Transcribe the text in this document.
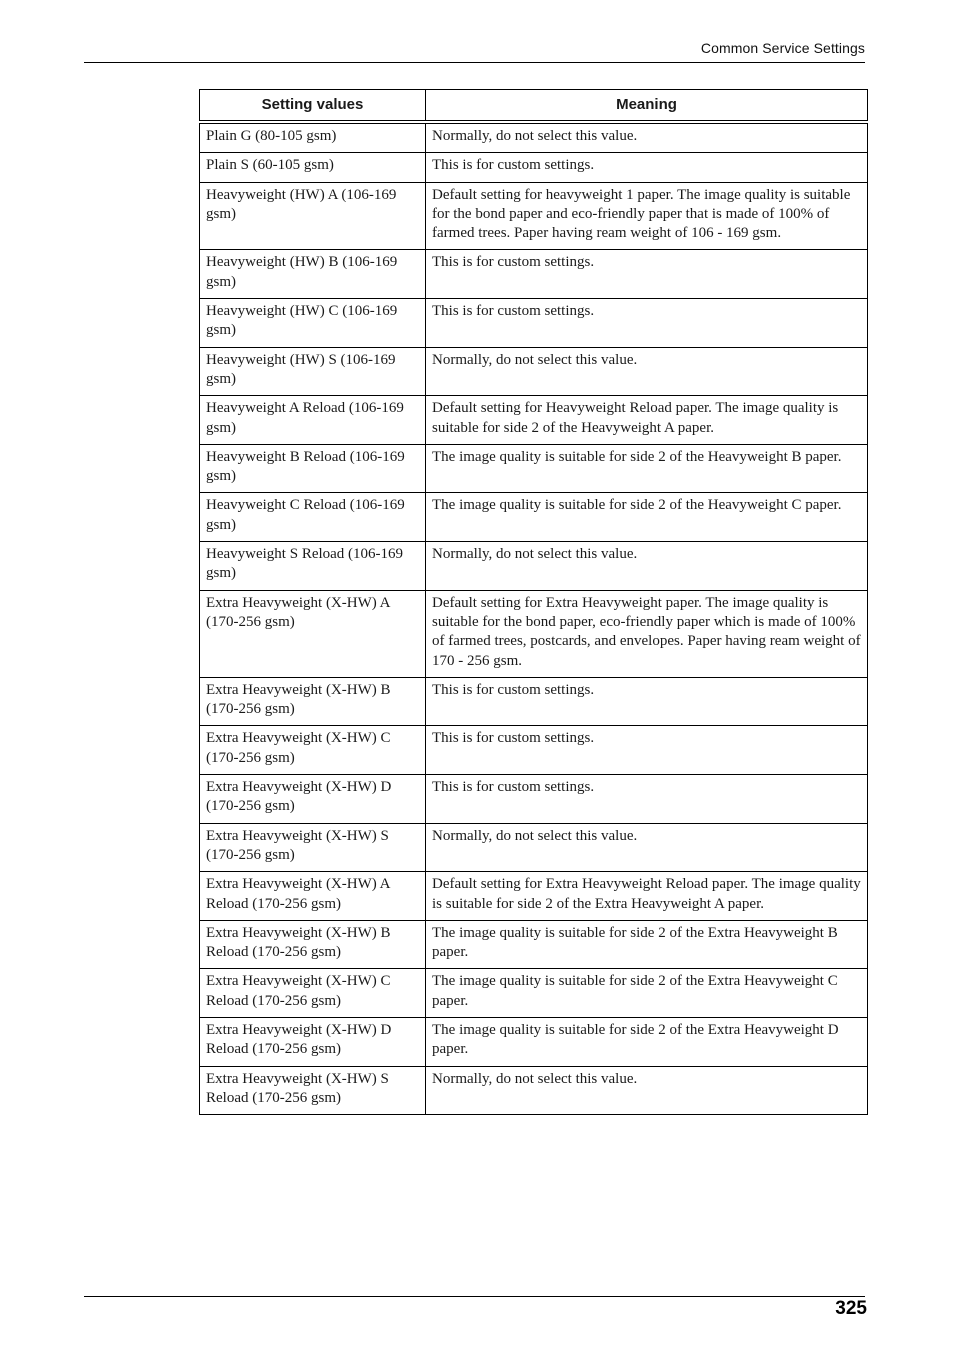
Common Service Settings
Setting values	Meaning
Plain G (80-105 gsm)	Normally, do not select this value.
Plain S (60-105 gsm)	This is for custom settings.
Heavyweight (HW) A (106-169 gsm)	Default setting for heavyweight 1 paper. The image quality is suitable for the bond paper and eco-friendly paper that is made of 100% of farmed trees. Paper having ream weight of 106 - 169 gsm.
Heavyweight (HW) B (106-169 gsm)	This is for custom settings.
Heavyweight (HW) C (106-169 gsm)	This is for custom settings.
Heavyweight (HW) S (106-169 gsm)	Normally, do not select this value.
Heavyweight A Reload (106-169 gsm)	Default setting for Heavyweight Reload paper. The image quality is suitable for side 2 of the Heavyweight A paper.
Heavyweight B Reload (106-169 gsm)	The image quality is suitable for side 2 of the Heavyweight B paper.
Heavyweight C Reload (106-169 gsm)	The image quality is suitable for side 2 of the Heavyweight C paper.
Heavyweight S Reload (106-169 gsm)	Normally, do not select this value.
Extra Heavyweight (X-HW) A (170-256 gsm)	Default setting for Extra Heavyweight paper. The image quality is suitable for the bond paper, eco-friendly paper which is made of 100% of farmed trees, postcards, and envelopes. Paper having ream weight of 170 - 256 gsm.
Extra Heavyweight (X-HW) B (170-256 gsm)	This is for custom settings.
Extra Heavyweight (X-HW) C (170-256 gsm)	This is for custom settings.
Extra Heavyweight (X-HW) D (170-256 gsm)	This is for custom settings.
Extra Heavyweight (X-HW) S (170-256 gsm)	Normally, do not select this value.
Extra Heavyweight (X-HW) A Reload (170-256 gsm)	Default setting for Extra Heavyweight Reload paper. The image quality is suitable for side 2 of the Extra Heavyweight A paper.
Extra Heavyweight (X-HW) B Reload (170-256 gsm)	The image quality is suitable for side 2 of the Extra Heavyweight B paper.
Extra Heavyweight (X-HW) C Reload (170-256 gsm)	The image quality is suitable for side 2 of the Extra Heavyweight C paper.
Extra Heavyweight (X-HW) D Reload (170-256 gsm)	The image quality is suitable for side 2 of the Extra Heavyweight D paper.
Extra Heavyweight (X-HW) S Reload (170-256 gsm)	Normally, do not select this value.
325
